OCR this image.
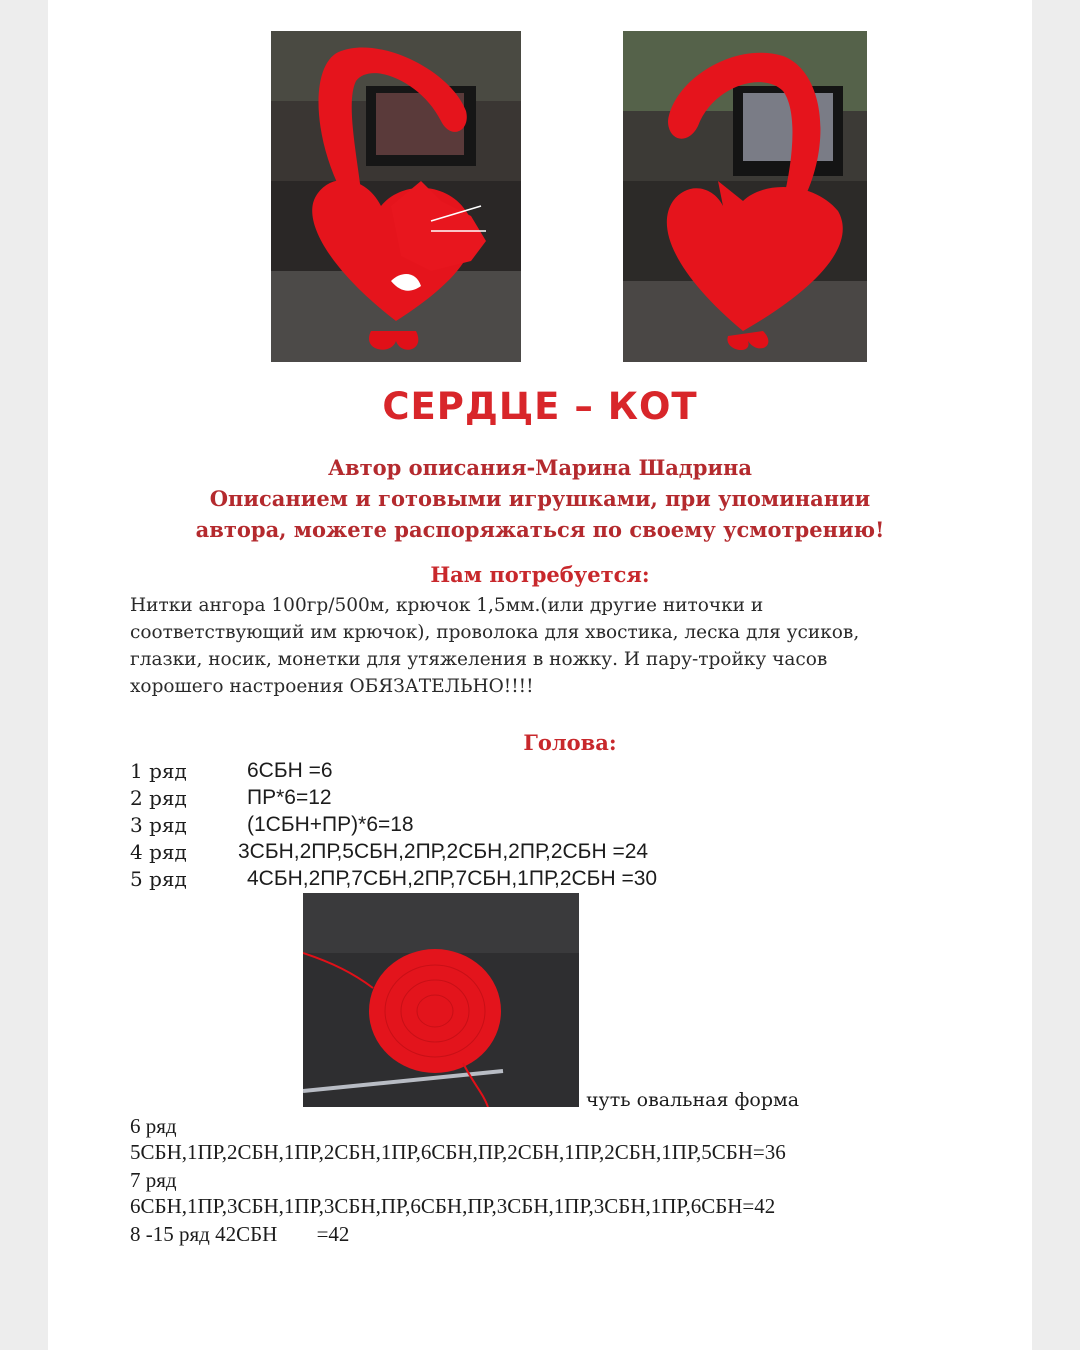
СЕРДЦЕ – КОТ
Автор описания-Марина Шадрина
Описанием и готовыми игрушками, при упоминании
автора, можете распоряжаться по своему усмотрению!
Нам потребуется:

Нитки ангора 100гр/500м, крючок 1,5мм.(или другие ниточки и

соответствующий им крючок), проволока для хвостика, леска для усиков,

глазки, носик, монетки для утяжеления в ножку. И пару-тройку часов

хорошего настроения ОБЯЗАТЕЛЬНО!!!!

Голова:
1 ряд	6СБН =6
2 ряд	ПР*6=12
3 ряд	(1СБН+ПР)*6=18
4 ряд 3СБН,2ПР,5СБН,2ПР,2СБН,2ПР,2СБН =24
5 ряд	4СБН,2ПР,7СБН,2ПР,7СБН,1ПР,2СБН =30
чуть овальная форма
6 ряд
5СБН,1ПР,2СБН,1ПР,2СБН,1ПР,6СБН,ПР,2СБН,1ПР,2СБН,1ПР,5СБН=36
7 ряд
6СБН,1ПР,3СБН,1ПР,3СБН,ПР,6СБН,ПР,3СБН,1ПР,3СБН,1ПР,6СБН=42
8 -15 ряд 42СБН =42
